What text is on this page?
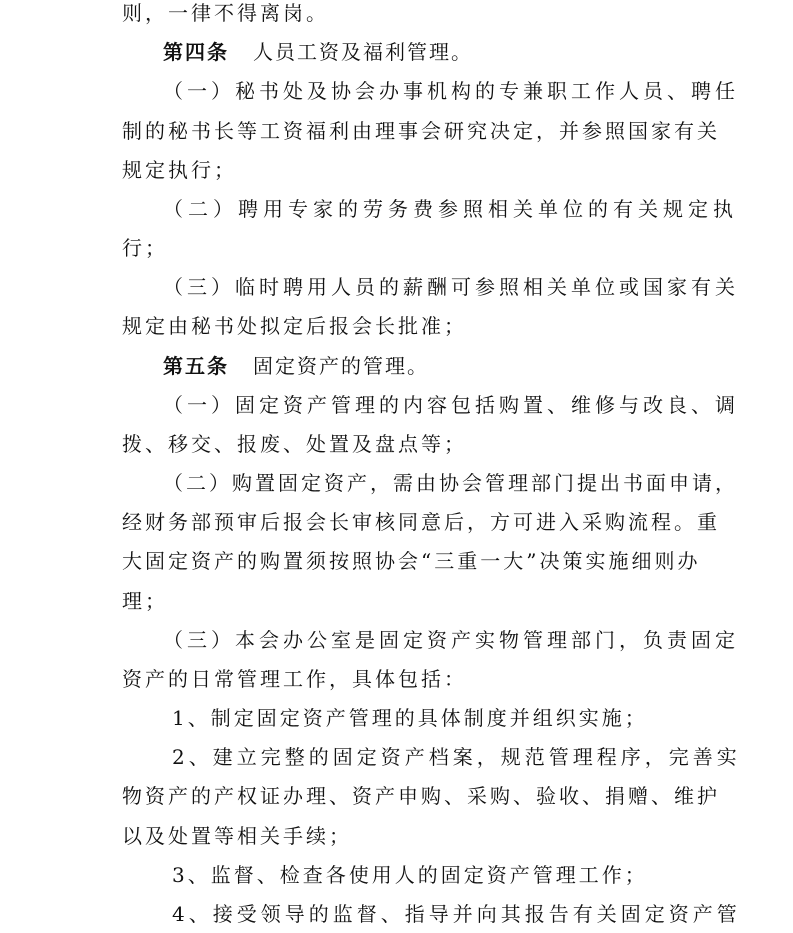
则，一律不得离岗。
第四条 人员工资及福利管理。
（一）秘书处及协会办事机构的专兼职工作人员、聘任
制的秘书长等工资福利由理事会研究决定，并参照国家有关
规定执行；
（二）聘用专家的劳务费参照相关单位的有关规定执
行；
（三）临时聘用人员的薪酬可参照相关单位或国家有关
规定由秘书处拟定后报会长批准；
第五条 固定资产的管理。
（一）固定资产管理的内容包括购置、维修与改良、调
拨、移交、报废、处置及盘点等；
（二）购置固定资产，需由协会管理部门提出书面申请，
经财务部预审后报会长审核同意后，方可进入采购流程。重
大固定资产的购置须按照协会“三重一大”决策实施细则办
理；
（三）本会办公室是固定资产实物管理部门，负责固定
资产的日常管理工作，具体包括：
1、制定固定资产管理的具体制度并组织实施；
2、建立完整的固定资产档案，规范管理程序，完善实
物资产的产权证办理、资产申购、采购、验收、捐赠、维护
以及处置等相关手续；
3、监督、检查各使用人的固定资产管理工作；
4、接受领导的监督、指导并向其报告有关固定资产管
